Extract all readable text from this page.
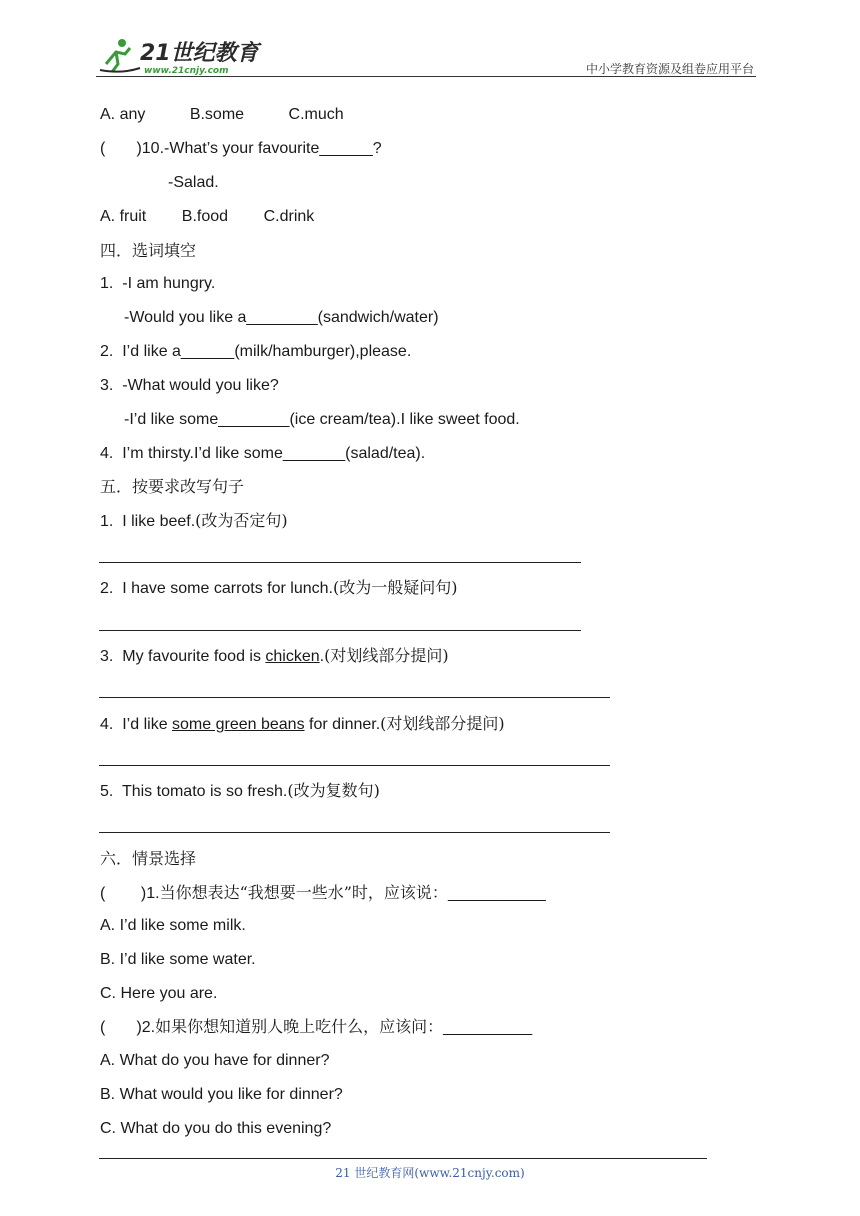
21世纪教育
www.21cnjy.com	中小学教育资源及组卷应用平台
A. any          B.some          C.much
(       )10.-What’s your favourite______?
-Salad.
A. fruit        B.food        C.drink
四．选词填空
1.  -I am hungry.
-Would you like a________(sandwich/water)
2.  I’d like a______(milk/hamburger),please.
3.  -What would you like?
-I’d like some________(ice cream/tea).I like sweet food.
4.  I’m thirsty.I’d like some_______(salad/tea).
五．按要求改写句子
1.  I like beef.(改为否定句)
2.  I have some carrots for lunch.(改为一般疑问句)
3.  My favourite food is chicken.(对划线部分提问)
4.  I’d like some green beans for dinner.(对划线部分提问)
5.  This tomato is so fresh.(改为复数句)
六．情景选择
(        )1.当你想表达“我想要一些水”时，应该说：___________
A. I’d like some milk.
B. I’d like some water.
C. Here you are.
(       )2.如果你想知道别人晚上吃什么，应该问：__________
A. What do you have for dinner?
B. What would you like for dinner?
C. What do you do this evening?
21 世纪教育网(www.21cnjy.com)
